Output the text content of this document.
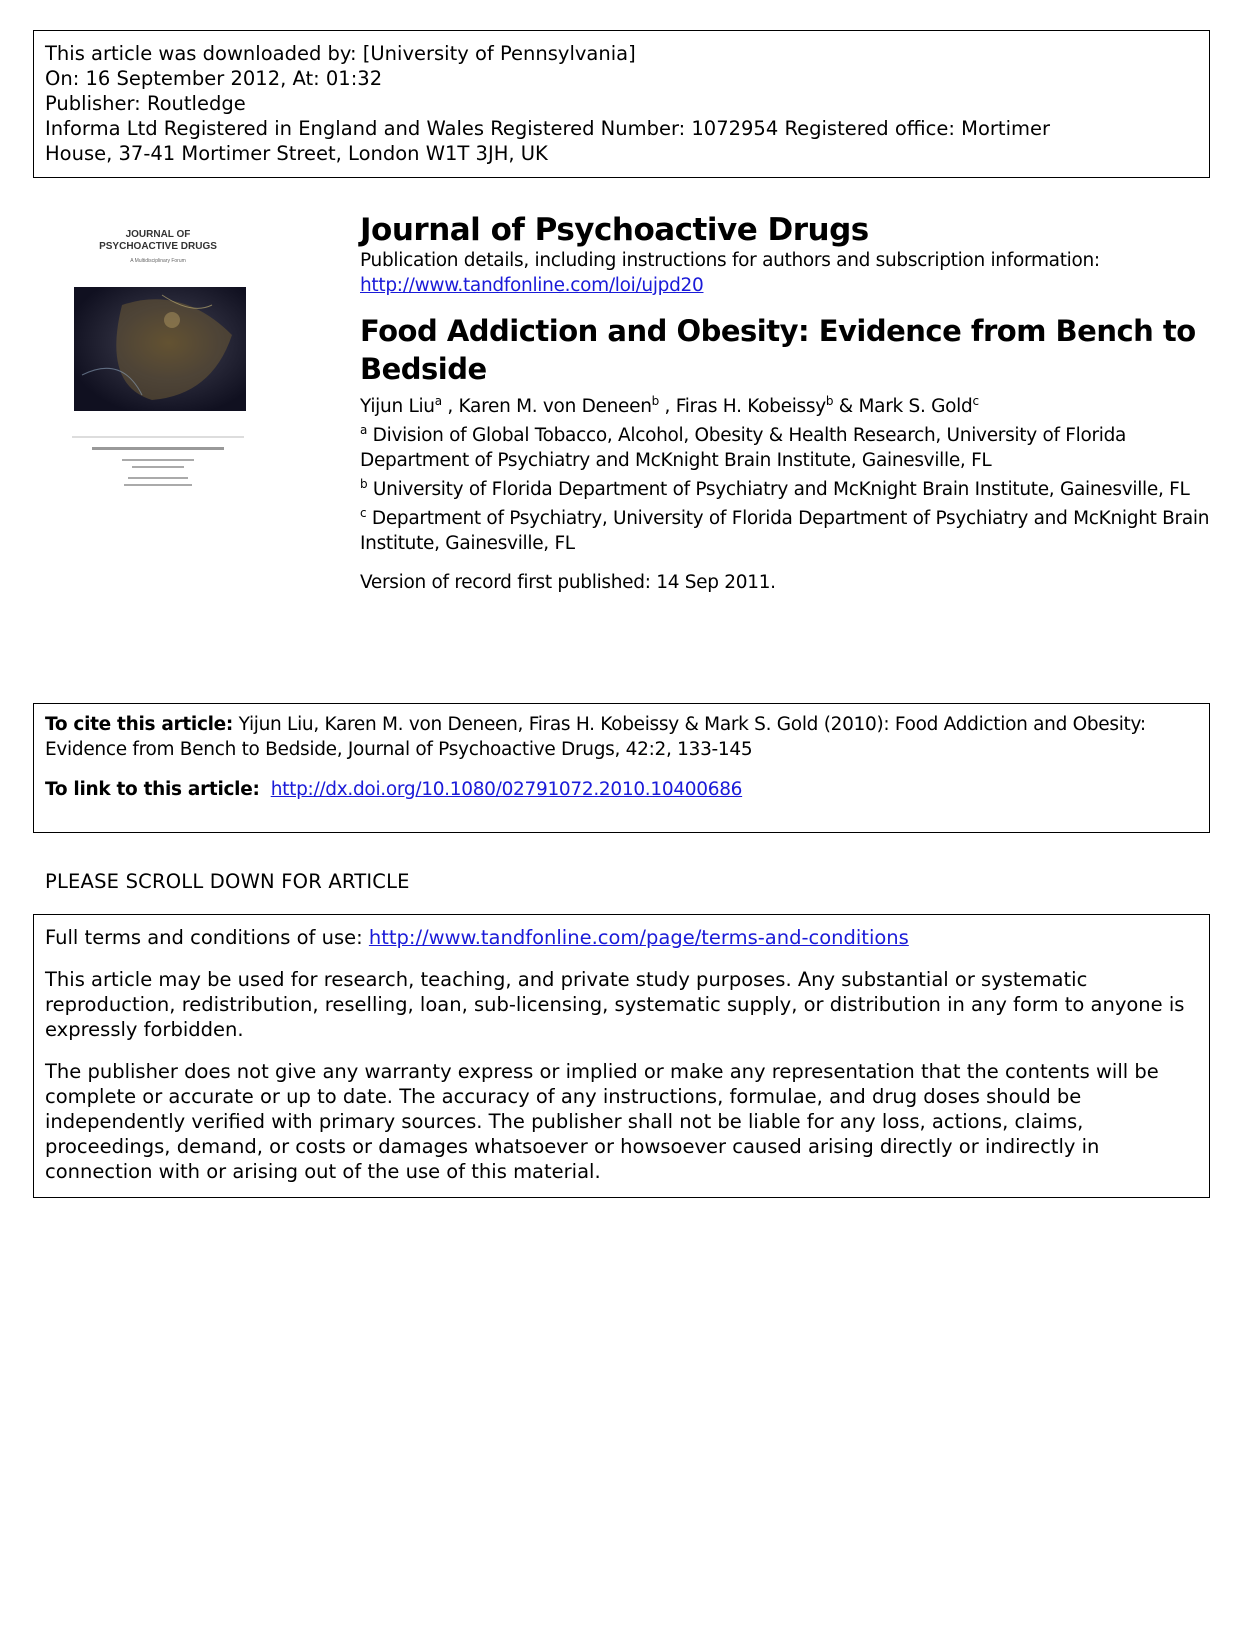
This article was downloaded by: [University of Pennsylvania]
On: 16 September 2012, At: 01:32
Publisher: Routledge
Informa Ltd Registered in England and Wales Registered Number: 1072954 Registered office: Mortimer
House, 37-41 Mortimer Street, London W1T 3JH, UK
JOURNAL OF
PSYCHOACTIVE DRUGS
A Multidisciplinary Forum
Journal of Psychoactive Drugs
Publication details, including instructions for authors and subscription information:
http://www.tandfonline.com/loi/ujpd20
Food Addiction and Obesity: Evidence from Bench to Bedside
Yijun Liu$^a$ , Karen M. von Deneen$^b$ , Firas H. Kobeissy$^b$ & Mark S. Gold$^c$
$^a$ Division of Global Tobacco, Alcohol, Obesity & Health Research, University of Florida Department of Psychiatry and McKnight Brain Institute, Gainesville, FL
$^b$ University of Florida Department of Psychiatry and McKnight Brain Institute, Gainesville, FL
$^c$ Department of Psychiatry, University of Florida Department of Psychiatry and McKnight Brain Institute, Gainesville, FL
Version of record first published: 14 Sep 2011.
To cite this article: Yijun Liu, Karen M. von Deneen, Firas H. Kobeissy & Mark S. Gold (2010): Food Addiction and Obesity: Evidence from Bench to Bedside, Journal of Psychoactive Drugs, 42:2, 133-145
To link to this article: http://dx.doi.org/10.1080/02791072.2010.10400686
PLEASE SCROLL DOWN FOR ARTICLE

Full terms and conditions of use: http://www.tandfonline.com/page/terms-and-conditions

This article may be used for research, teaching, and private study purposes. Any substantial or systematic reproduction, redistribution, reselling, loan, sub-licensing, systematic supply, or distribution in any form to anyone is expressly forbidden.

The publisher does not give any warranty express or implied or make any representation that the contents will be complete or accurate or up to date. The accuracy of any instructions, formulae, and drug doses should be independently verified with primary sources. The publisher shall not be liable for any loss, actions, claims, proceedings, demand, or costs or damages whatsoever or howsoever caused arising directly or indirectly in connection with or arising out of the use of this material.
